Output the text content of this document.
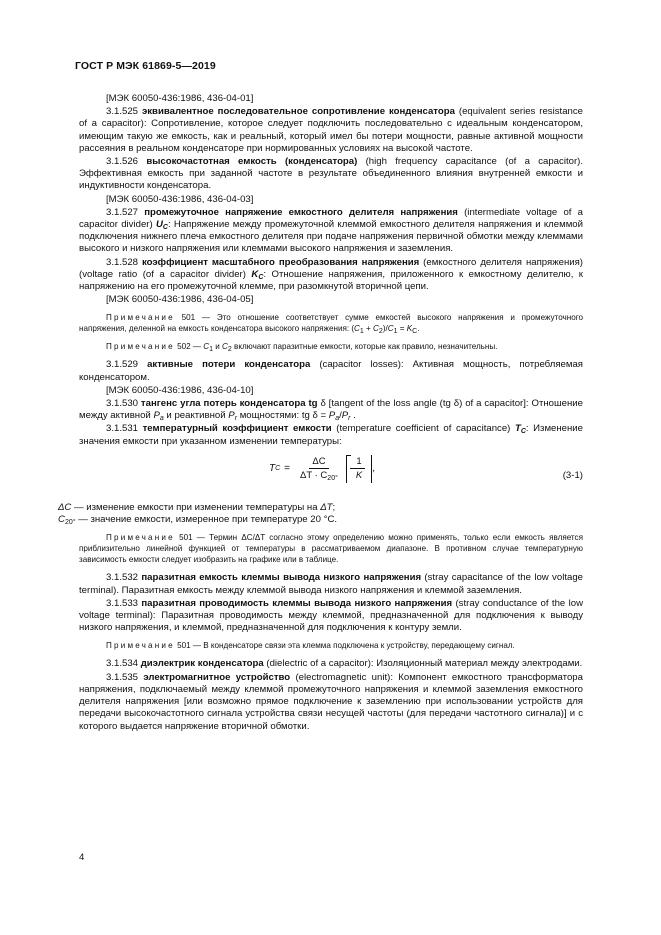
ГОСТ Р МЭК 61869-5—2019
[МЭК 60050-436:1986, 436-04-01]
3.1.525 эквивалентное последовательное сопротивление конденсатора (equivalent series resistance of a capacitor): Сопротивление, которое следует подключить последовательно с идеальным конденсатором, имеющим такую же емкость, как и реальный, который имел бы потери мощности, равные активной мощности рассеяния в реальном конденсаторе при нормированных условиях на высокой частоте.
3.1.526 высокочастотная емкость (конденсатора) (high frequency capacitance (of a capacitor). Эффективная емкость при заданной частоте в результате объединенного влияния внутренней емкости и индуктивности конденсатора.
[МЭК 60050-436:1986, 436-04-03]
3.1.527 промежуточное напряжение емкостного делителя напряжения (intermediate voltage of a capacitor divider) $U_C$: Напряжение между промежуточной клеммой емкостного делителя напряжения и клеммой подключения нижнего плеча емкостного делителя при подаче напряжения первичной обмотки между клеммами высокого и низкого напряжения или клеммами высокого напряжения и заземления.
3.1.528 коэффициент масштабного преобразования напряжения (емкостного делителя напряжения) (voltage ratio (of a capacitor divider) $K_C$: Отношение напряжения, приложенного к емкостному делителю, к напряжению на его промежуточной клемме, при разомкнутой вторичной цепи.
[МЭК 60050-436:1986, 436-04-05]
Примечание 501 — Это отношение соответствует сумме емкостей высокого напряжения и промежуточного напряжения, деленной на емкость конденсатора высокого напряжения: $(C_1 + C_2)/C_1 = K_C$.
Примечание 502 — $C_1$ и $C_2$ включают паразитные емкости, которые как правило, незначительны.
3.1.529 активные потери конденсатора (capacitor losses): Активная мощность, потребляемая конденсатором.
[МЭК 60050-436:1986, 436-04-10]
3.1.530 тангенс угла потерь конденсатора tg δ [tangent of the loss angle (tg δ) of a capacitor]: Отношение между активной $P_a$ и реактивной $P_r$ мощностями: tg $\delta = P_a/P_r$ .
3.1.531 температурный коэффициент емкости (temperature coefficient of capacitance) $T_C$: Изменение значения емкости при указанном изменении температуры:
T $C = \frac{\Delta C}{\Delta T \cdot C_{20^\circ}} \frac{1}{K}$ ,
(3-1)
ΔC — изменение емкости при изменении температуры на ΔT;
$C_{20^\circ}$ — значение емкости, измеренное при температуре 20 °C.
Примечание 501 — Термин ΔC/ΔT согласно этому определению можно применять, только если емкость является приблизительно линейной функцией от температуры в рассматриваемом диапазоне. В противном случае температурную зависимость емкости следует изобразить на графике или в таблице.
3.1.532 паразитная емкость клеммы вывода низкого напряжения (stray capacitance of the low voltage terminal). Паразитная емкость между клеммой вывода низкого напряжения и клеммой заземления.
3.1.533 паразитная проводимость клеммы вывода низкого напряжения (stray conductance of the low voltage terminal): Паразитная проводимость между клеммой, предназначенной для подключения к выводу низкого напряжения, и клеммой, предназначенной для подключения к контуру земли.
Примечание 501 — В конденсаторе связи эта клемма подключена к устройству, передающему сигнал.
3.1.534 диэлектрик конденсатора (dielectric of a capacitor): Изоляционный материал между электродами.
3.1.535 электромагнитное устройство (electromagnetic unit): Компонент емкостного трансформатора напряжения, подключаемый между клеммой промежуточного напряжения и клеммой заземления емкостного делителя напряжения [или возможно прямое подключение к заземлению при использовании устройств для передачи высокочастотного сигнала устройства связи несущей частоты (для передачи частотного сигнала)] и с которого выдается напряжение вторичной обмотки.
4
